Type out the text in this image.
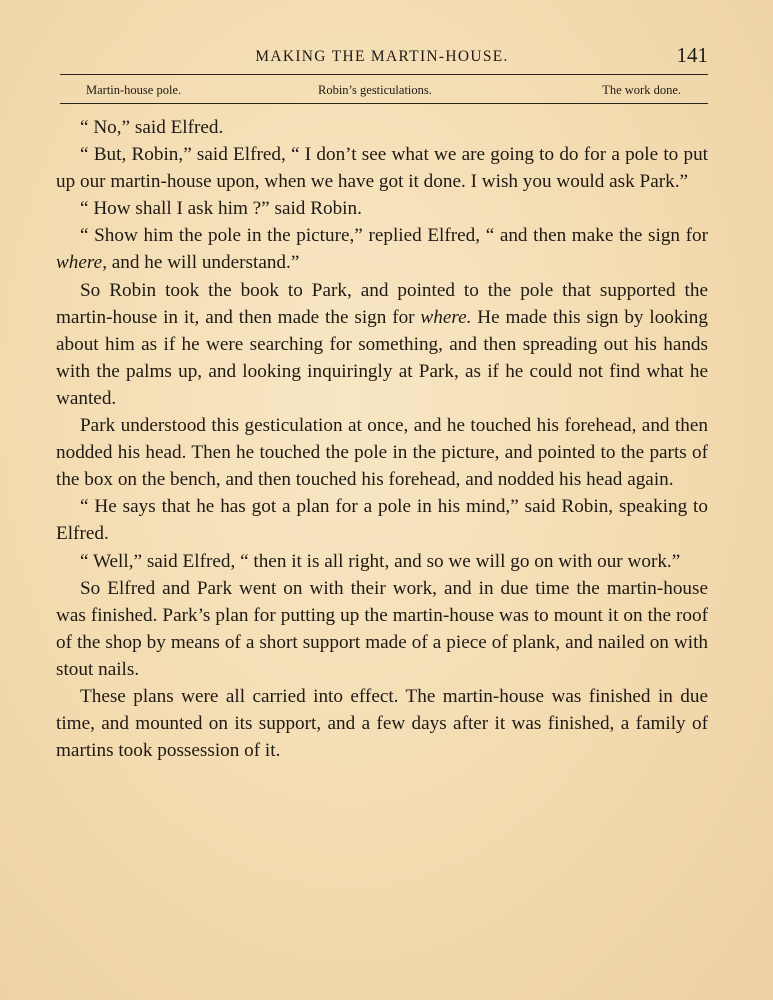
MAKING THE MARTIN-HOUSE.	141
Martin-house pole.	Robin’s gesticulations.	The work done.

“ No,” said Elfred.

“ But, Robin,” said Elfred, “ I don’t see what we are going to do for a pole to put up our martin-house upon, when we have got it done. I wish you would ask Park.”

“ How shall I ask him ?” said Robin.

“ Show him the pole in the picture,” replied Elfred, “ and then make the sign for where, and he will understand.”

So Robin took the book to Park, and pointed to the pole that supported the martin-house in it, and then made the sign for where. He made this sign by looking about him as if he were searching for something, and then spreading out his hands with the palms up, and looking inquiringly at Park, as if he could not find what he wanted.

Park understood this gesticulation at once, and he touched his forehead, and then nodded his head. Then he touched the pole in the picture, and pointed to the parts of the box on the bench, and then touched his forehead, and nodded his head again.

“ He says that he has got a plan for a pole in his mind,” said Robin, speaking to Elfred.

“ Well,” said Elfred, “ then it is all right, and so we will go on with our work.”

So Elfred and Park went on with their work, and in due time the martin-house was finished. Park’s plan for putting up the martin-house was to mount it on the roof of the shop by means of a short support made of a piece of plank, and nailed on with stout nails.

These plans were all carried into effect. The martin-house was finished in due time, and mounted on its support, and a few days after it was finished, a family of martins took possession of it.
